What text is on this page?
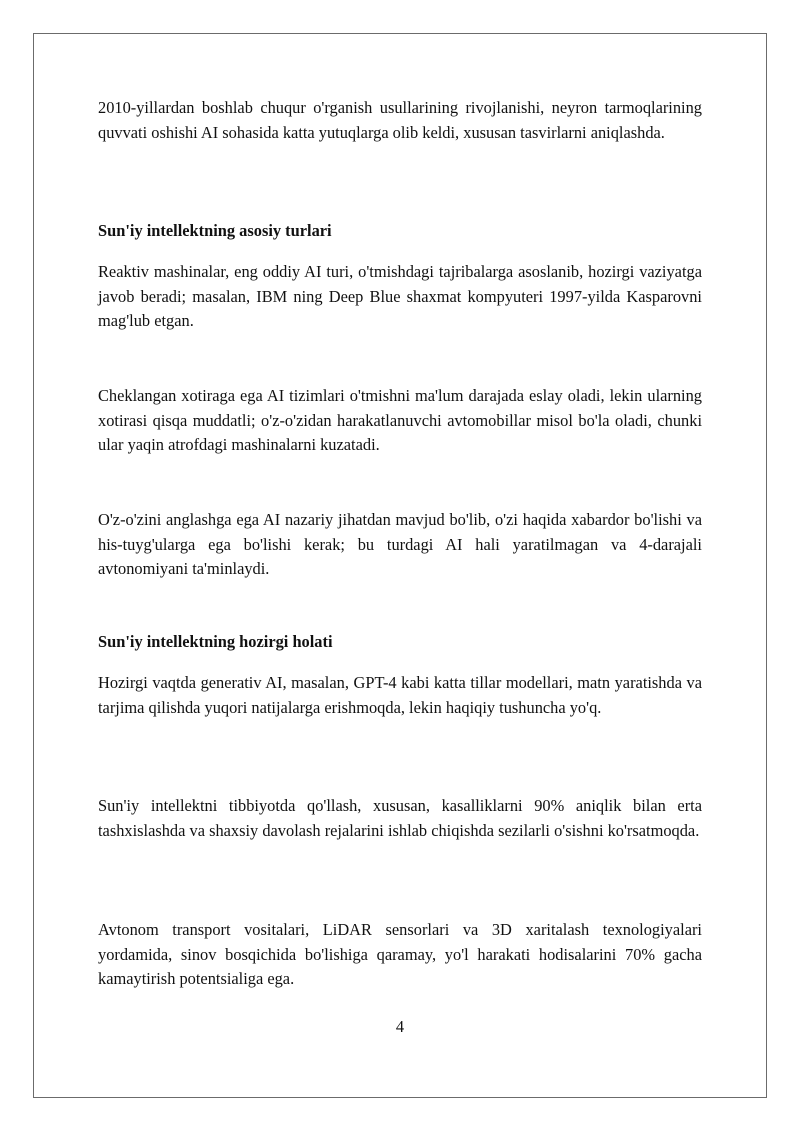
2010-yillardan boshlab chuqur o'rganish usullarining rivojlanishi, neyron tarmoqlarining quvvati oshishi AI sohasida katta yutuqlarga olib keldi, xususan tasvirlarni aniqlashda.

Sun'iy intellektning asosiy turlari

Reaktiv mashinalar, eng oddiy AI turi, o'tmishdagi tajribalarga asoslanib, hozirgi vaziyatga javob beradi; masalan, IBM ning Deep Blue shaxmat kompyuteri 1997-yilda Kasparovni mag'lub etgan.

Cheklangan xotiraga ega AI tizimlari o'tmishni ma'lum darajada eslay oladi, lekin ularning xotirasi qisqa muddatli; o'z-o'zidan harakatlanuvchi avtomobillar misol bo'la oladi, chunki ular yaqin atrofdagi mashinalarni kuzatadi.

O'z-o'zini anglashga ega AI nazariy jihatdan mavjud bo'lib, o'zi haqida xabardor bo'lishi va his-tuyg'ularga ega bo'lishi kerak; bu turdagi AI hali yaratilmagan va 4-darajali avtonomiyani ta'minlaydi.

Sun'iy intellektning hozirgi holati

Hozirgi vaqtda generativ AI, masalan, GPT-4 kabi katta tillar modellari, matn yaratishda va tarjima qilishda yuqori natijalarga erishmoqda, lekin haqiqiy tushuncha yo'q.

Sun'iy intellektni tibbiyotda qo'llash, xususan, kasalliklarni 90% aniqlik bilan erta tashxislashda va shaxsiy davolash rejalarini ishlab chiqishda sezilarli o'sishni ko'rsatmoqda.

Avtonom transport vositalari, LiDAR sensorlari va 3D xaritalash texnologiyalari yordamida, sinov bosqichida bo'lishiga qaramay, yo'l harakati hodisalarini 70% gacha kamaytirish potentsialiga ega.

4
